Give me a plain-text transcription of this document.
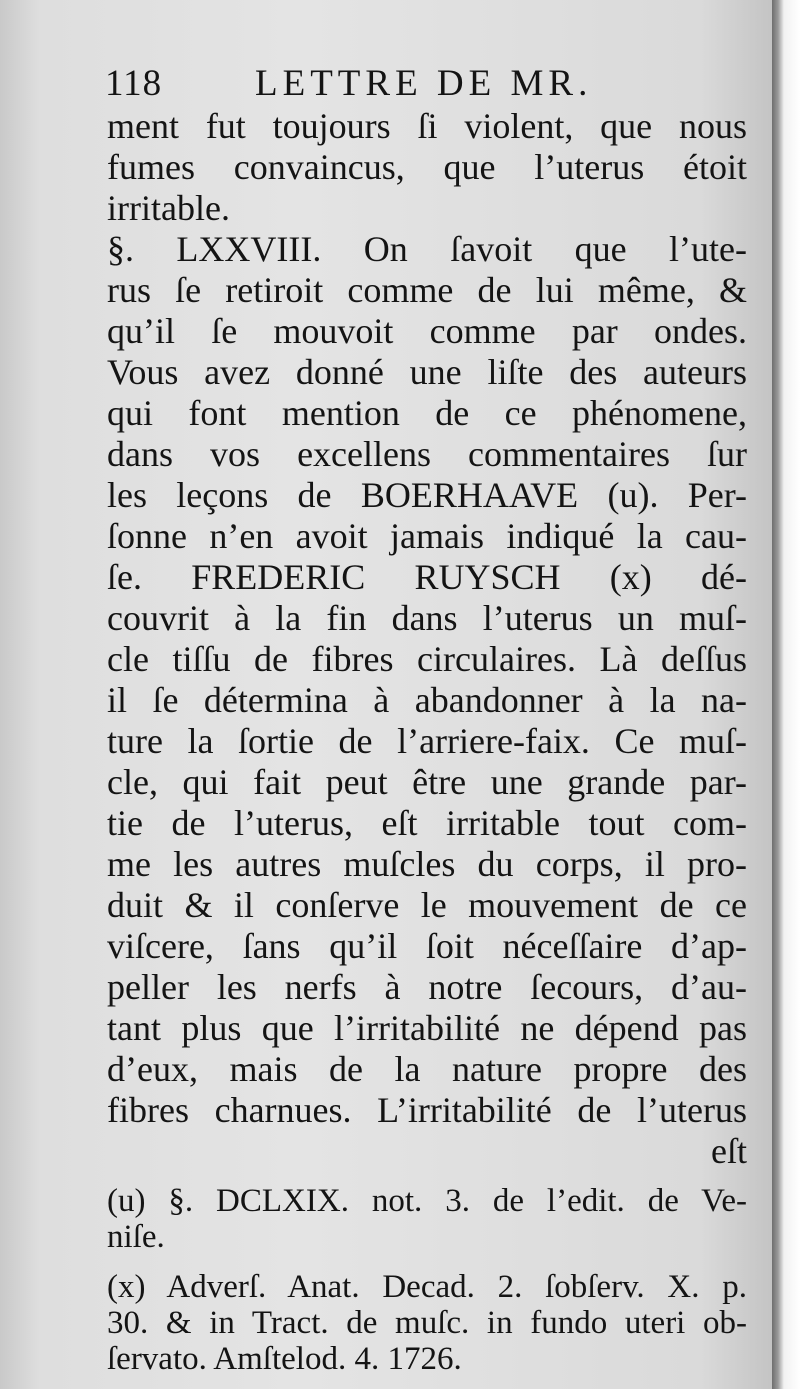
118	LETTRE DE MR.
ment fut toujours ſi violent, que nous
fumes convaincus, que l’uterus étoit
irritable.
§. LXXVIII. On ſavoit que l’ute-
rus ſe retiroit comme de lui même, &
qu’il ſe mouvoit comme par ondes.
Vous avez donné une liſte des auteurs
qui font mention de ce phénomene,
dans vos excellens commentaires ſur
les leçons de BOERHAAVE (u). Per-
ſonne n’en avoit jamais indiqué la cau-
ſe. FREDERIC RUYSCH (x) dé-
couvrit à la fin dans l’uterus un muſ-
cle tiſſu de fibres circulaires. Là deſſus
il ſe détermina à abandonner à la na-
ture la ſortie de l’arriere-faix. Ce muſ-
cle, qui fait peut être une grande par-
tie de l’uterus, eſt irritable tout com-
me les autres muſcles du corps, il pro-
duit & il conſerve le mouvement de ce
viſcere, ſans qu’il ſoit néceſſaire d’ap-
peller les nerfs à notre ſecours, d’au-
tant plus que l’irritabilité ne dépend pas
d’eux, mais de la nature propre des
fibres charnues. L’irritabilité de l’uterus
eſt
(u) §. DCLXIX. not. 3. de l’edit. de Ve-
niſe.
(x) Adverſ. Anat. Decad. 2. ſobſerv. X. p.
30. & in Tract. de muſc. in fundo uteri ob-
ſervato. Amſtelod. 4. 1726.
